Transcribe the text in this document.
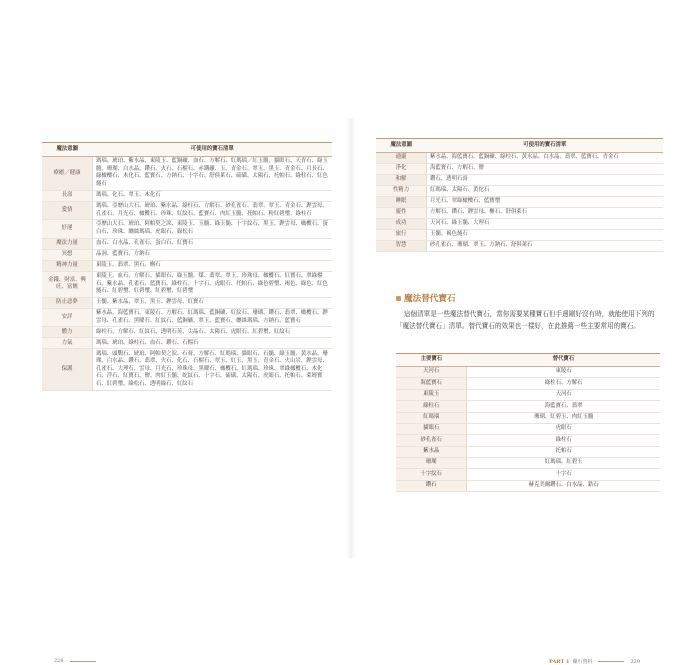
魔法意圖	可使用的寶石清單
療癒／健康	瑪瑙、琥珀、紫水晶、東陵玉、藍銅礦、血石、方解石、紅瑪瑙／紅玉髓、貓眼石、天青石、綠玉髓、珊瑚、白水晶、鑽石、火石、石榴石、赤鐵礦、玉、青金石、翠玉、黑玉、青金石、月長石、綠橄欖石、木化石、藍寶石、方鈉石、十字石、舒俱萊石、硫磺、太陽石、托帕石、綠柱石、紅色燧石
長壽	瑪瑙、化石、翠玉、木化石
愛情	瑪瑙、亞歷山大石、琥珀、紫水晶、綠柱石、方解石、砂孔雀石、翡翠、翠玉、青金石、鋰雲母、孔雀石、月光石、橄欖石、珍珠、紅紋石、藍寶石、肉紅玉髓、托帕石、粉紅碧璽、綠柱石
紓運	亞歷山大石、琥珀、阿帕契之淚、東陵玉、玉髓、綠玉髓、十字紋石、黑玉、鋰雲母、橄欖石、蛋白石、珍珠、纏絲瑪瑙、虎眼石、綠松石
魔法力量	血石、白水晶、孔雀石、蛋白石、紅寶石
冥想	晶洞、藍寶石、方鈉石
精神力量	東陵玉、翡翠、黑石、槲石
金錢、財富、興旺、富饒	東陵玉、血石、方解石、貓眼石、綠玉髓、煤、翡翠、翠玉、珍珠母、橄欖石、紅寶石、翠綠榴石、紫水晶、孔雀石、藍寶石、綠柱石、十字石、虎眼石、托帕石、綠色碧璽、褐色、綠色、紅色燧石、紅碧璽、紅碧璽、紅碧璽、紅碧璽
防止惡夢	玉髓、紫水晶、翠玉、黑玉、鋰雲母、紅寶石
安詳	紫水晶、海藍寶石、東陵石、方解石、紅瑪瑙、藍銅礦、紅紋石、珊瑚、鑽石、翡翠、橄欖石、鋰雲母、孔雀石、黑曜石、紅紋石、藍銅礦、翠玉、藍寶石、纏絲瑪瑙、方鈉石、藍寶石
體力	綠柱石、方解石、紅紋石、透明石英、尖晶石、太陽石、虎眼石、紅碧璽、紅紋石
力氣	瑪瑙、琥珀、綠柱石、血石、鑽石、石榴石
保護	瑪瑙、頭鸚石、琥珀、阿帕契之淚、石膏、方解石、紅瑪瑙、貓眼石、石髓、綠玉髓、黃水晶、珊瑚、白水晶、鑽石、翡翠、火石、化石、石榴石、翠玉、紅玉、黑玉、青金石、火山岩、鋰雲母、孔雀石、大理石、雲母、月光石、珍珠母、黑曜石、橄欖石、紅瑪瑙、珍珠、翠綠橄欖石、木化石、浮石、紅寶石、鹽、肉紅玉髓、蛇紋石、十字石、硫磺、太陽石、虎眼石、托帕石、萊姆寶石、紅碧璽、綠松石、透明綠石、紅紋石
228
魔法意圖	可使用的寶石清單
通靈	紫水晶、海藍寶石、藍銅礦、綠柱石、黃水晶、白水晶、翡翠、藍寶石、青金石
淨化	海藍寶石、方解石、鹽
和解	鑽石、透明石膏
性精力	紅瑪瑙、太陽石、黃佗石
睡眠	月光石、翠綠橄欖石、藍寶璽
靈性	方解石、鑽石、鋰雲母、槲石、舒俱萊石
成功	天河石、綠玉髓、大理石
旅行	玉髓、褐色燧石
智慧	砂孔雀石、珊瑚、翠玉、方鈉石、舒俱萊石
魔法替代寶石

這個清單是一些魔法替代寶石，當你需要某種寶石但手邊剛好沒有時，就能使用下列的「魔法替代寶石」清單。替代寶石的效果也一樣好，在此推薦一些主要常用的寶石。

主要寶石	替代寶石
天河石	東陵石
海藍寶石	綠柱石、方解石
東陵玉	天河石
綠柱石	海藍寶石、翡翠
紅瑪瑙	珊瑚、紅碧玉、肉紅玉髓
貓眼石	虎眼石
砂孔雀石	綠柱石
紫水晶	托帕石
珊瑚	紅瑪瑙、紅碧玉
十字紋石	十字石
鑽石	赫克美爾鑽石、白水晶、鋯石
PART 1 礦石資料	229
